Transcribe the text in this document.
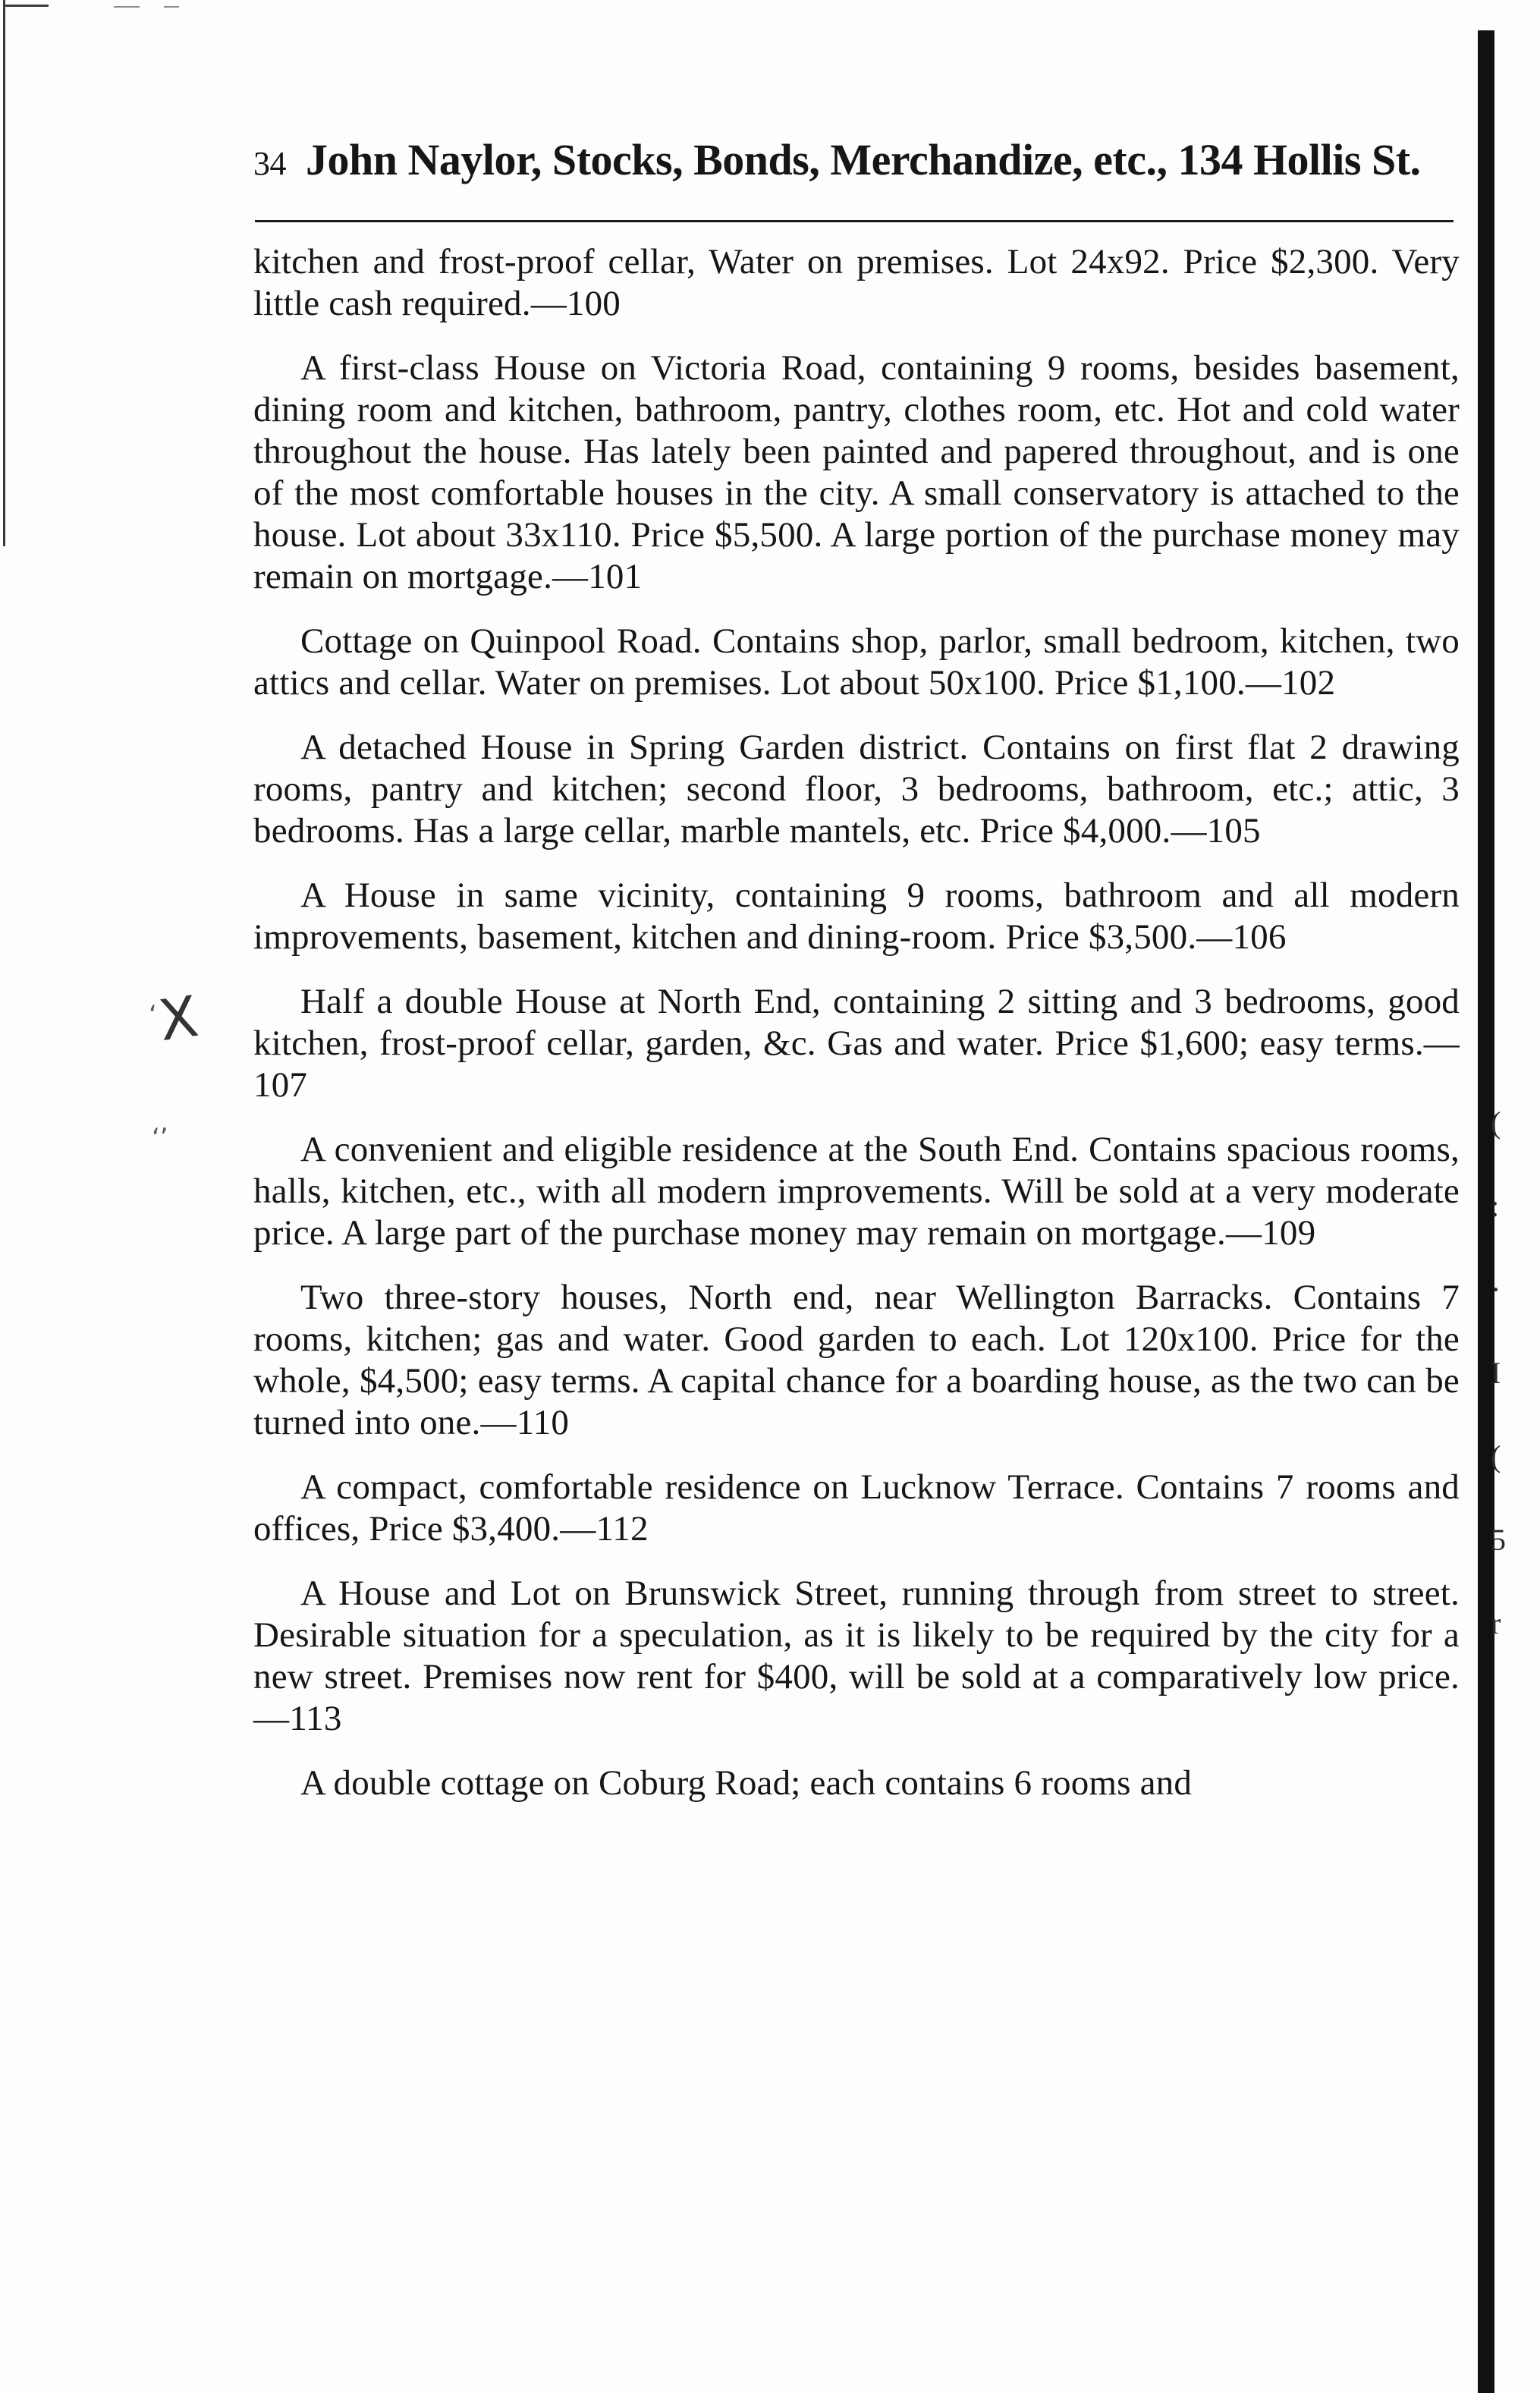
(
:
·
I
(
5
r
X
‘
‘’
34 John Naylor, Stocks, Bonds, Merchandize, etc., 134 Hollis St.

kitchen and frost-proof cellar, Water on premises. Lot 24x92. Price $2,300. Very little cash required.—100

A first-class House on Victoria Road, containing 9 rooms, besides basement, dining room and kitchen, bathroom, pantry, clothes room, etc. Hot and cold water throughout the house. Has lately been painted and papered throughout, and is one of the most comfortable houses in the city. A small conservatory is attached to the house. Lot about 33x110. Price $5,500. A large portion of the purchase money may remain on mortgage.—101

Cottage on Quinpool Road. Contains shop, parlor, small bedroom, kitchen, two attics and cellar. Water on premises. Lot about 50x100. Price $1,100.—102

A detached House in Spring Garden district. Contains on first flat 2 drawing rooms, pantry and kitchen; second floor, 3 bedrooms, bathroom, etc.; attic, 3 bedrooms. Has a large cellar, marble mantels, etc. Price $4,000.—105

A House in same vicinity, containing 9 rooms, bathroom and all modern improvements, basement, kitchen and dining-room. Price $3,500.—106

Half a double House at North End, containing 2 sitting and 3 bedrooms, good kitchen, frost-proof cellar, garden, &c. Gas and water. Price $1,600; easy terms.—107

A convenient and eligible residence at the South End. Contains spacious rooms, halls, kitchen, etc., with all modern improvements. Will be sold at a very moderate price. A large part of the purchase money may remain on mortgage.—109

Two three-story houses, North end, near Wellington Barracks. Contains 7 rooms, kitchen; gas and water. Good garden to each. Lot 120x100. Price for the whole, $4,500; easy terms. A capital chance for a boarding house, as the two can be turned into one.—110

A compact, comfortable residence on Lucknow Terrace. Contains 7 rooms and offices, Price $3,400.—112

A House and Lot on Brunswick Street, running through from street to street. Desirable situation for a speculation, as it is likely to be required by the city for a new street. Premises now rent for $400, will be sold at a comparatively low price.—113

A double cottage on Coburg Road; each contains 6 rooms and
